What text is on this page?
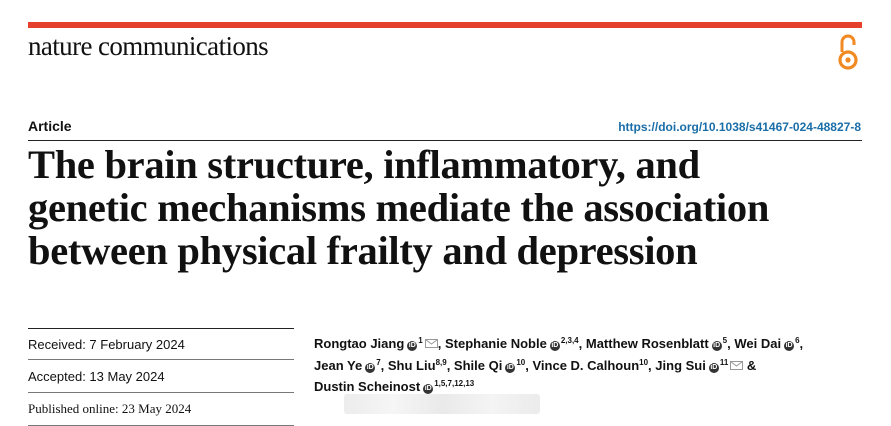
nature communications
Article	https://doi.org/10.1038/s41467-024-48827-8
The brain structure, inflammatory, and
genetic mechanisms mediate the association
between physical frailty and depression
Received: 7 February 2024
Accepted: 13 May 2024
Published online: 23 May 2024
Rongtao Jiang $iD^1$ , Stephanie Noble iD$^{2,3,4}$, Matthew Rosenblatt $iD^5$, Wei Dai $iD^6$,
Jean Ye $iD^7$, Shu Liu$^{8,9}$, Shile Qi $iD^{10}$, Vince D. Calhoun$^{10}$, Jing Sui $iD^{11}$ &
Dustin Scheinost iD$^{1,5,7,12,13}$
